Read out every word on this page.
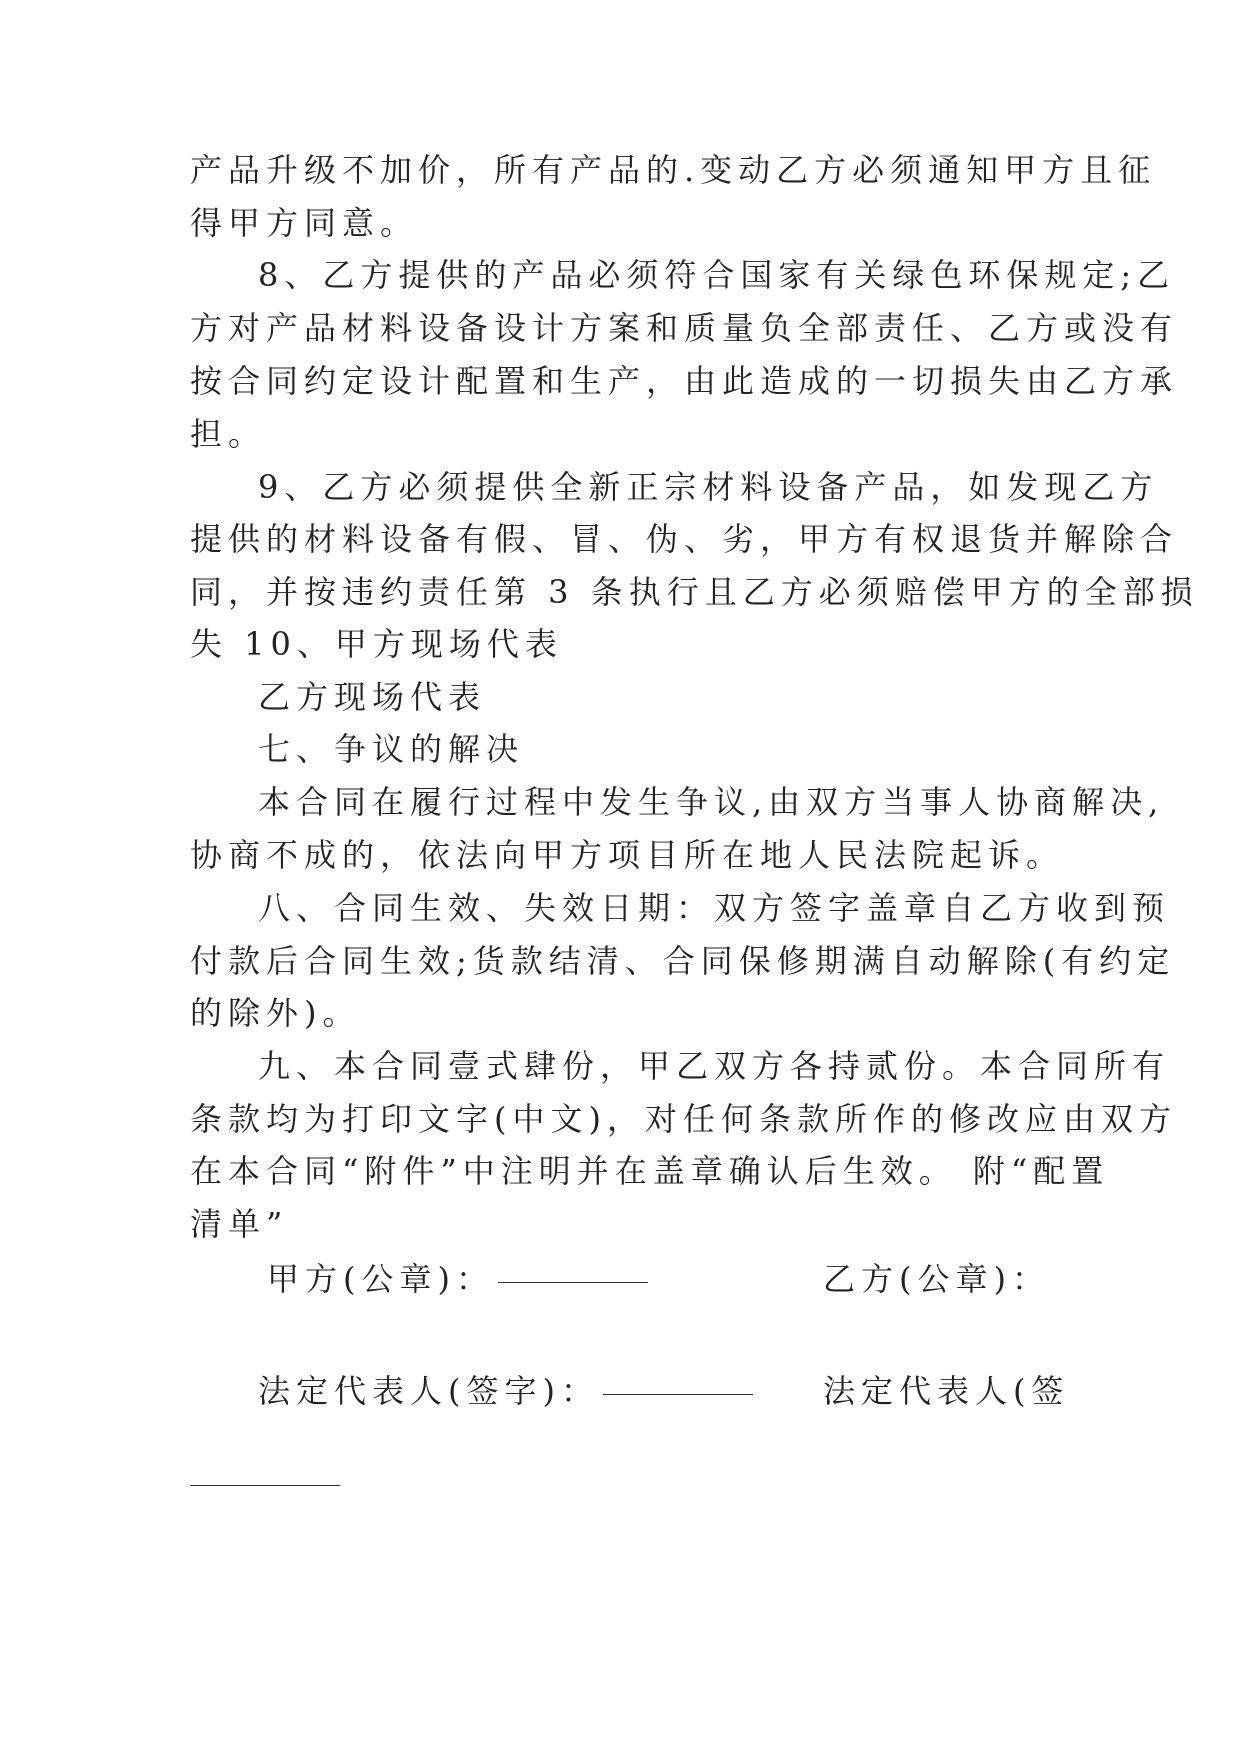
产品升级不加价，所有产品的.变动乙方必须通知甲方且征
得甲方同意。
8、乙方提供的产品必须符合国家有关绿色环保规定;乙
方对产品材料设备设计方案和质量负全部责任、乙方或没有
按合同约定设计配置和生产，由此造成的一切损失由乙方承
担。
9、乙方必须提供全新正宗材料设备产品，如发现乙方
提供的材料设备有假、冒、伪、劣，甲方有权退货并解除合
同，并按违约责任第 3 条执行且乙方必须赔偿甲方的全部损
失 10、甲方现场代表
乙方现场代表
七、争议的解决
本合同在履行过程中发生争议,由双方当事人协商解决,
协商不成的，依法向甲方项目所在地人民法院起诉。
八、合同生效、失效日期：双方签字盖章自乙方收到预
付款后合同生效;货款结清、合同保修期满自动解除(有约定
的除外)。
九、本合同壹式肆份，甲乙双方各持贰份。本合同所有
条款均为打印文字(中文)，对任何条款所作的修改应由双方
在本合同“附件”中注明并在盖章确认后生效。 附“配置
清单”
甲方(公章)：	乙方(公章)：
法定代表人(签字)：	法定代表人(签
